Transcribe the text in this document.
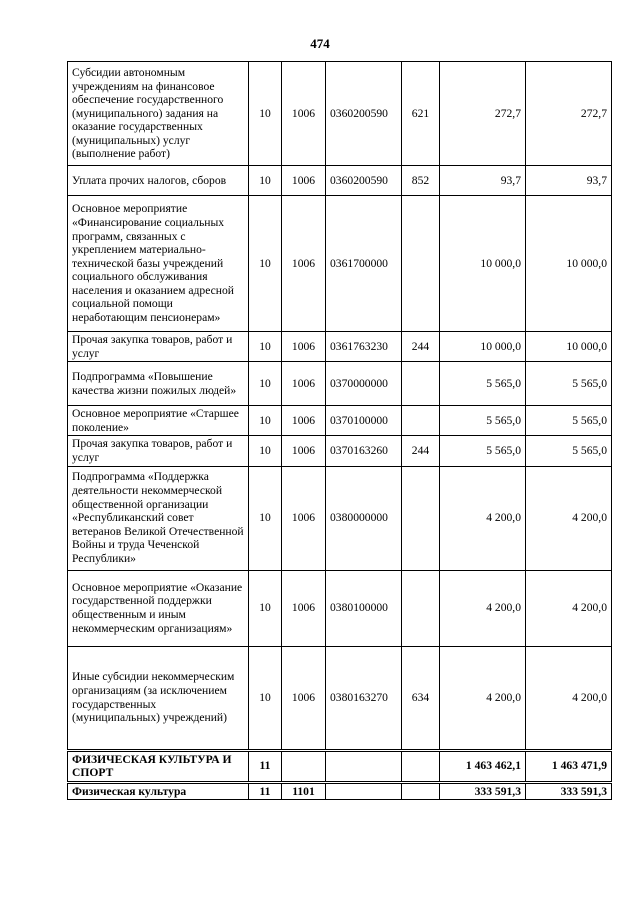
474
Субсидии автономным учреждениям на финансовое обеспечение государственного (муниципального) задания на оказание государственных (муниципальных) услуг (выполнение работ)	10	1006	0360200590	621	272,7	272,7
Уплата прочих налогов, сборов	10	1006	0360200590	852	93,7	93,7
Основное мероприятие «Финансирование социальных программ, связанных с укреплением материально-технической базы учреждений социального обслуживания населения и оказанием адресной социальной помощи неработающим пенсионерам»	10	1006	0361700000		10 000,0	10 000,0
Прочая закупка товаров, работ и услуг	10	1006	0361763230	244	10 000,0	10 000,0
Подпрограмма «Повышение качества жизни пожилых людей»	10	1006	0370000000		5 565,0	5 565,0
Основное мероприятие «Старшее поколение»	10	1006	0370100000		5 565,0	5 565,0
Прочая закупка товаров, работ и услуг	10	1006	0370163260	244	5 565,0	5 565,0
Подпрограмма «Поддержка деятельности некоммерческой общественной организации «Республиканский совет ветеранов Великой Отечественной Войны и труда Чеченской Республики»	10	1006	0380000000		4 200,0	4 200,0
Основное мероприятие «Оказание государственной поддержки общественным и иным некоммерческим организациям»	10	1006	0380100000		4 200,0	4 200,0
Иные субсидии некоммерческим организациям (за исключением государственных (муниципальных) учреждений)	10	1006	0380163270	634	4 200,0	4 200,0
ФИЗИЧЕСКАЯ КУЛЬТУРА И СПОРТ	11				1 463 462,1	1 463 471,9
Физическая культура	11	1101			333 591,3	333 591,3
